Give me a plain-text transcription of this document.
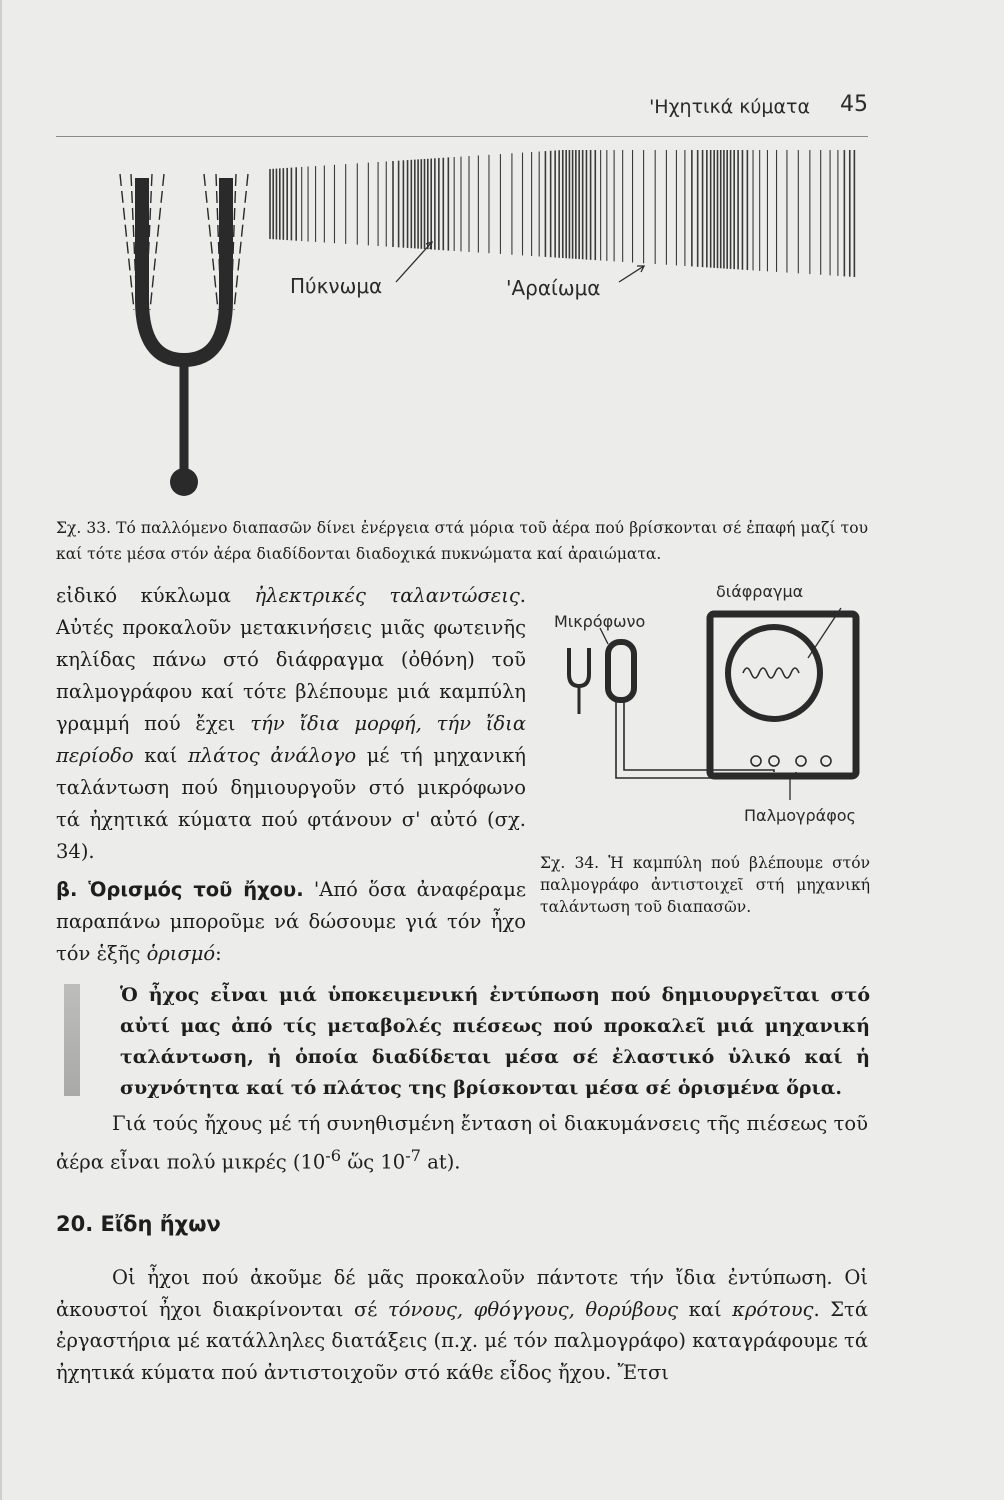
'Ηχητικά κύματα 45
Πύκνωμα	'Αραίωμα
Σχ. 33. Τό παλλόμενο διαπασῶν δίνει ἐνέργεια στά μόρια τοῦ ἀέρα πού βρίσκονται σέ ἐπαφή μαζί του καί τότε μέσα στόν ἀέρα διαδίδονται διαδοχικά πυκνώματα καί ἀραιώματα.

εἰδικό κύκλωμα ἠλεκτρικές ταλαντώσεις. Αὐτές προκαλοῦν μετακινήσεις μιᾶς φωτεινῆς κηλίδας πάνω στό διάφραγμα (ὀθόνη) τοῦ παλμογράφου καί τότε βλέπουμε μιά καμπύλη γραμμή πού ἔχει τήν ἴδια μορφή, τήν ἴδια περίοδο καί πλάτος ἀνάλογο μέ τή μηχανική ταλάντωση πού δημιουργοῦν στό μικρόφωνο τά ἠχητικά κύματα πού φτάνουν σ' αὐτό (σχ. 34).

β. Ὁρισμός τοῦ ἤχου. 'Από ὅσα ἀναφέραμε παραπάνω μποροῦμε νά δώσουμε γιά τόν ἦχο τόν ἑξῆς ὁρισμό:

Μικρόφωνο
διάφραγμα
Παλμογράφος
Σχ. 34. Ἡ καμπύλη πού βλέπουμε στόν παλμογράφο ἀντιστοιχεῖ στή μηχανική ταλάντωση τοῦ διαπασῶν.
Ὁ ἦχος εἶναι μιά ὑποκειμενική ἐντύπωση πού δημιουργεῖται στό αὐτί μας ἀπό τίς μεταβολές πιέσεως πού προκαλεῖ μιά μηχανική ταλάντωση, ἡ ὁποία διαδίδεται μέσα σέ ἐλαστικό ὑλικό καί ἡ συχνότητα καί τό πλάτος της βρίσκονται μέσα σέ ὁρισμένα ὅρια.

Γιά τούς ἤχους μέ τή συνηθισμένη ἔνταση οἱ διακυμάνσεις τῆς πιέσεως τοῦ ἀέρα εἶναι πολύ μικρές ($10^{-6}$ ὥς $10^{-7}$ at).

20. Εἴδη ἤχων

Οἱ ἦχοι πού ἀκοῦμε δέ μᾶς προκαλοῦν πάντοτε τήν ἴδια ἐντύπωση. Οἱ ἀκουστοί ἦχοι διακρίνονται σέ τόνους, φθόγγους, θορύβους καί κρότους. Στά ἐργαστήρια μέ κατάλληλες διατάξεις (π.χ. μέ τόν παλμογράφο) καταγράφουμε τά ἠχητικά κύματα πού ἀντιστοιχοῦν στό κάθε εἶδος ἤχου. Ἔτσι
